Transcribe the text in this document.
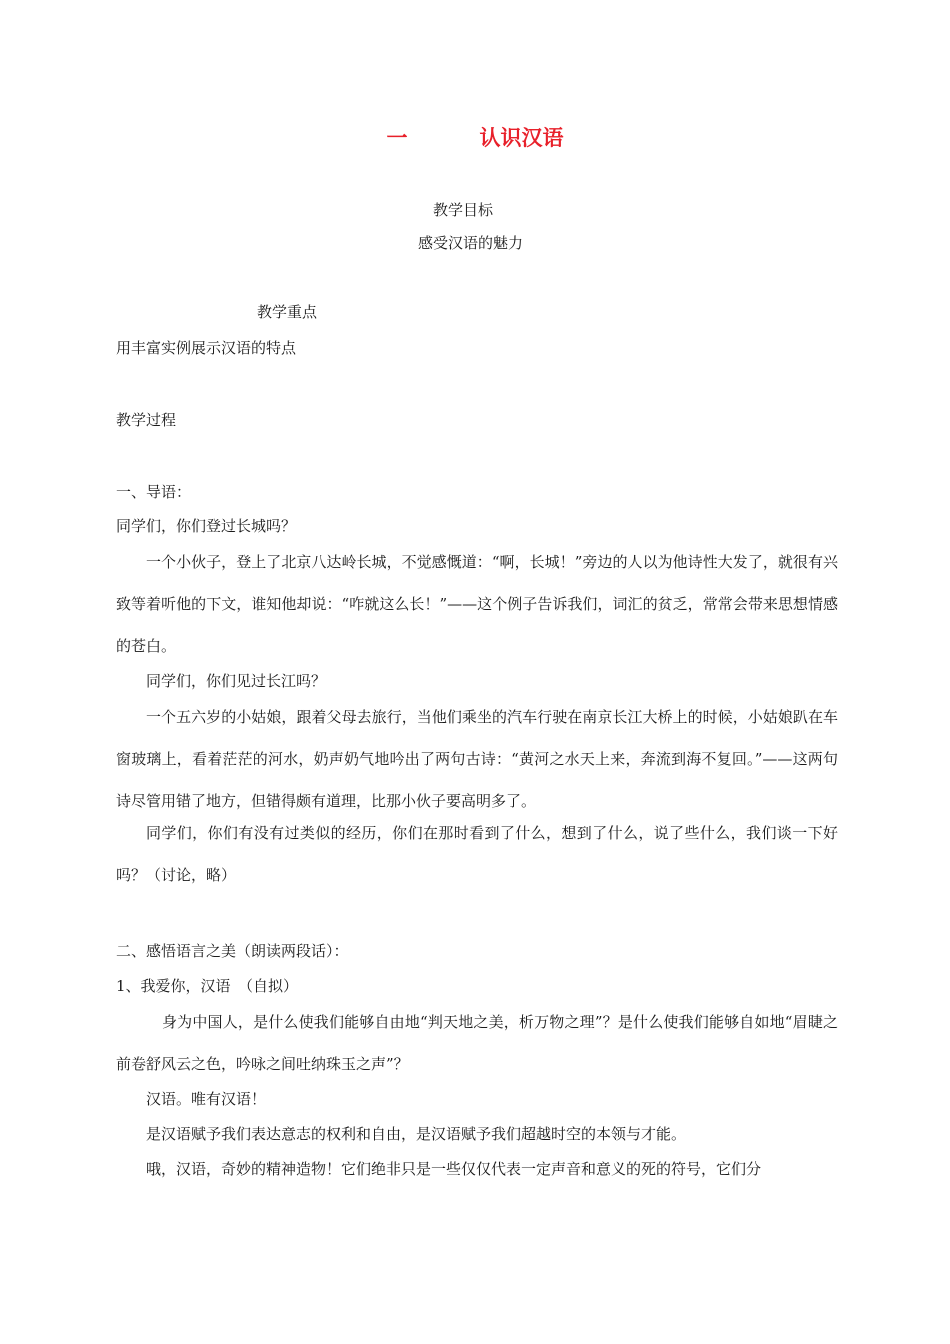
一	认识汉语
教学目标
感受汉语的魅力
教学重点
用丰富实例展示汉语的特点
教学过程
一、导语：
同学们，你们登过长城吗？

一个小伙子，登上了北京八达岭长城，不觉感慨道：“啊，长城！”旁边的人以为他诗性大发了，就很有兴致等着听他的下文，谁知他却说：“咋就这么长！”——这个例子告诉我们，词汇的贫乏，常常会带来思想情感的苍白。

同学们，你们见过长江吗？

一个五六岁的小姑娘，跟着父母去旅行，当他们乘坐的汽车行驶在南京长江大桥上的时候，小姑娘趴在车窗玻璃上，看着茫茫的河水，奶声奶气地吟出了两句古诗：“黄河之水天上来，奔流到海不复回。”——这两句诗尽管用错了地方，但错得颇有道理，比那小伙子要高明多了。

同学们，你们有没有过类似的经历，你们在那时看到了什么，想到了什么，说了些什么，我们谈一下好吗？（讨论，略）

二、感悟语言之美（朗读两段话）：
1、我爱你，汉语　（自拟）

身为中国人，是什么使我们能够自由地“判天地之美，析万物之理”？是什么使我们能够自如地“眉睫之前卷舒风云之色，吟咏之间吐纳珠玉之声”？

汉语。唯有汉语！
是汉语赋予我们表达意志的权利和自由，是汉语赋予我们超越时空的本领与才能。
哦，汉语，奇妙的精神造物！它们绝非只是一些仅仅代表一定声音和意义的死的符号，它们分
